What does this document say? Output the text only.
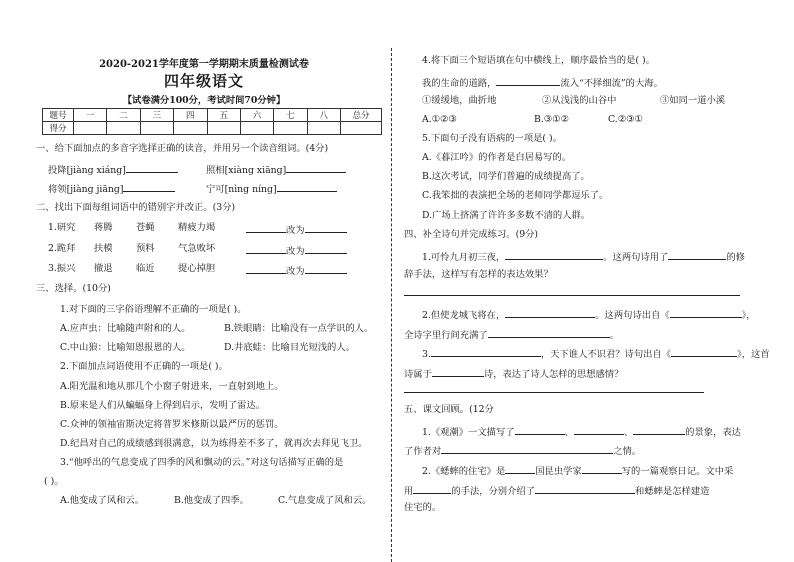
2020-2021学年度第一学期期末质量检测试卷
四年级语文
【试卷满分100分，考试时间70分钟】
题号	一	二	三	四	五	六	七	八	总分
得分									
一、给下面加点的多音字选择正确的读音，并用另一个读音组词。(4分)
投降[jiàng xiáng]	照相[xiàng xiāng]
将领[jiàng jiāng]	宁可[nìng níng]
二、找出下面每组词语中的错别字并改正。(3分)
1.研究 蒋腾	苍蝇	精疲力竭	改为
2.跪拜 扶模	预料	气急败坏	改为
3.振兴 撤退	临近	提心掉胆	改为
三、选择。(10分)
1.对下面的三字俗语理解不正确的一项是( )。
A.应声虫：比喻随声附和的人。	B.铁眼睛：比喻没有一点学识的人。
C.中山狼：比喻知恩报恩的人。	D.井底蛙：比喻目光短浅的人。
2.下面加点词语使用不正确的一项是( )。
A.阳光温和地从那几个小窗子射进来，一直射到地上。
B.原来是人们从蝙蝠身上得到启示，发明了雷达。
C.众神的领袖宙斯决定将普罗米修斯以最严厉的惩罚。
D.纪昌对自己的成绩感到很满意，以为练得差不多了，就再次去拜见飞卫。
3.“他呼出的气息变成了四季的风和飘动的云。”对这句话描写正确的是
( )。
A.他变成了风和云。	B.他变成了四季。	C.气息变成了风和云。
4.将下面三个短语填在句中横线上，顺序最恰当的是( )。
我的生命的道路，	流入“不择细流”的大海。
①缓缓地，曲折地	②从浅浅的山谷中	③如同一道小溪
A.①②③	B.③①②	C.②③①
5.下面句子没有语病的一项是( )。
A.《暮江吟》的作者是白居易写的。
B.这次考试，同学们普遍的成绩提高了。
C.我笨拙的表演把全场的老师同学都逗乐了。
D.广场上挤满了许许多多数不清的人群。
四、补全诗句并完成练习。(9分)
1.可怜九月初三夜，	。这两句诗用了	的修
辞手法，这样写有怎样的表达效果？
2.但使龙城飞将在，	。这两句诗出自《	》，
全诗字里行间充满了	。
3.	，天下谁人不识君？诗句出自《	》，这首
诗属于	诗，表达了诗人怎样的思想感情？
五、课文回顾。(12分
1.《观潮》一文描写了	、	、	的景象，表达
了作者对	之情。
2.《蟋蟀的住宅》是	国昆虫学家	写的一篇观察日记。文中采
用	的手法，分别介绍了	和蟋蟀是怎样建造
住宅的。
